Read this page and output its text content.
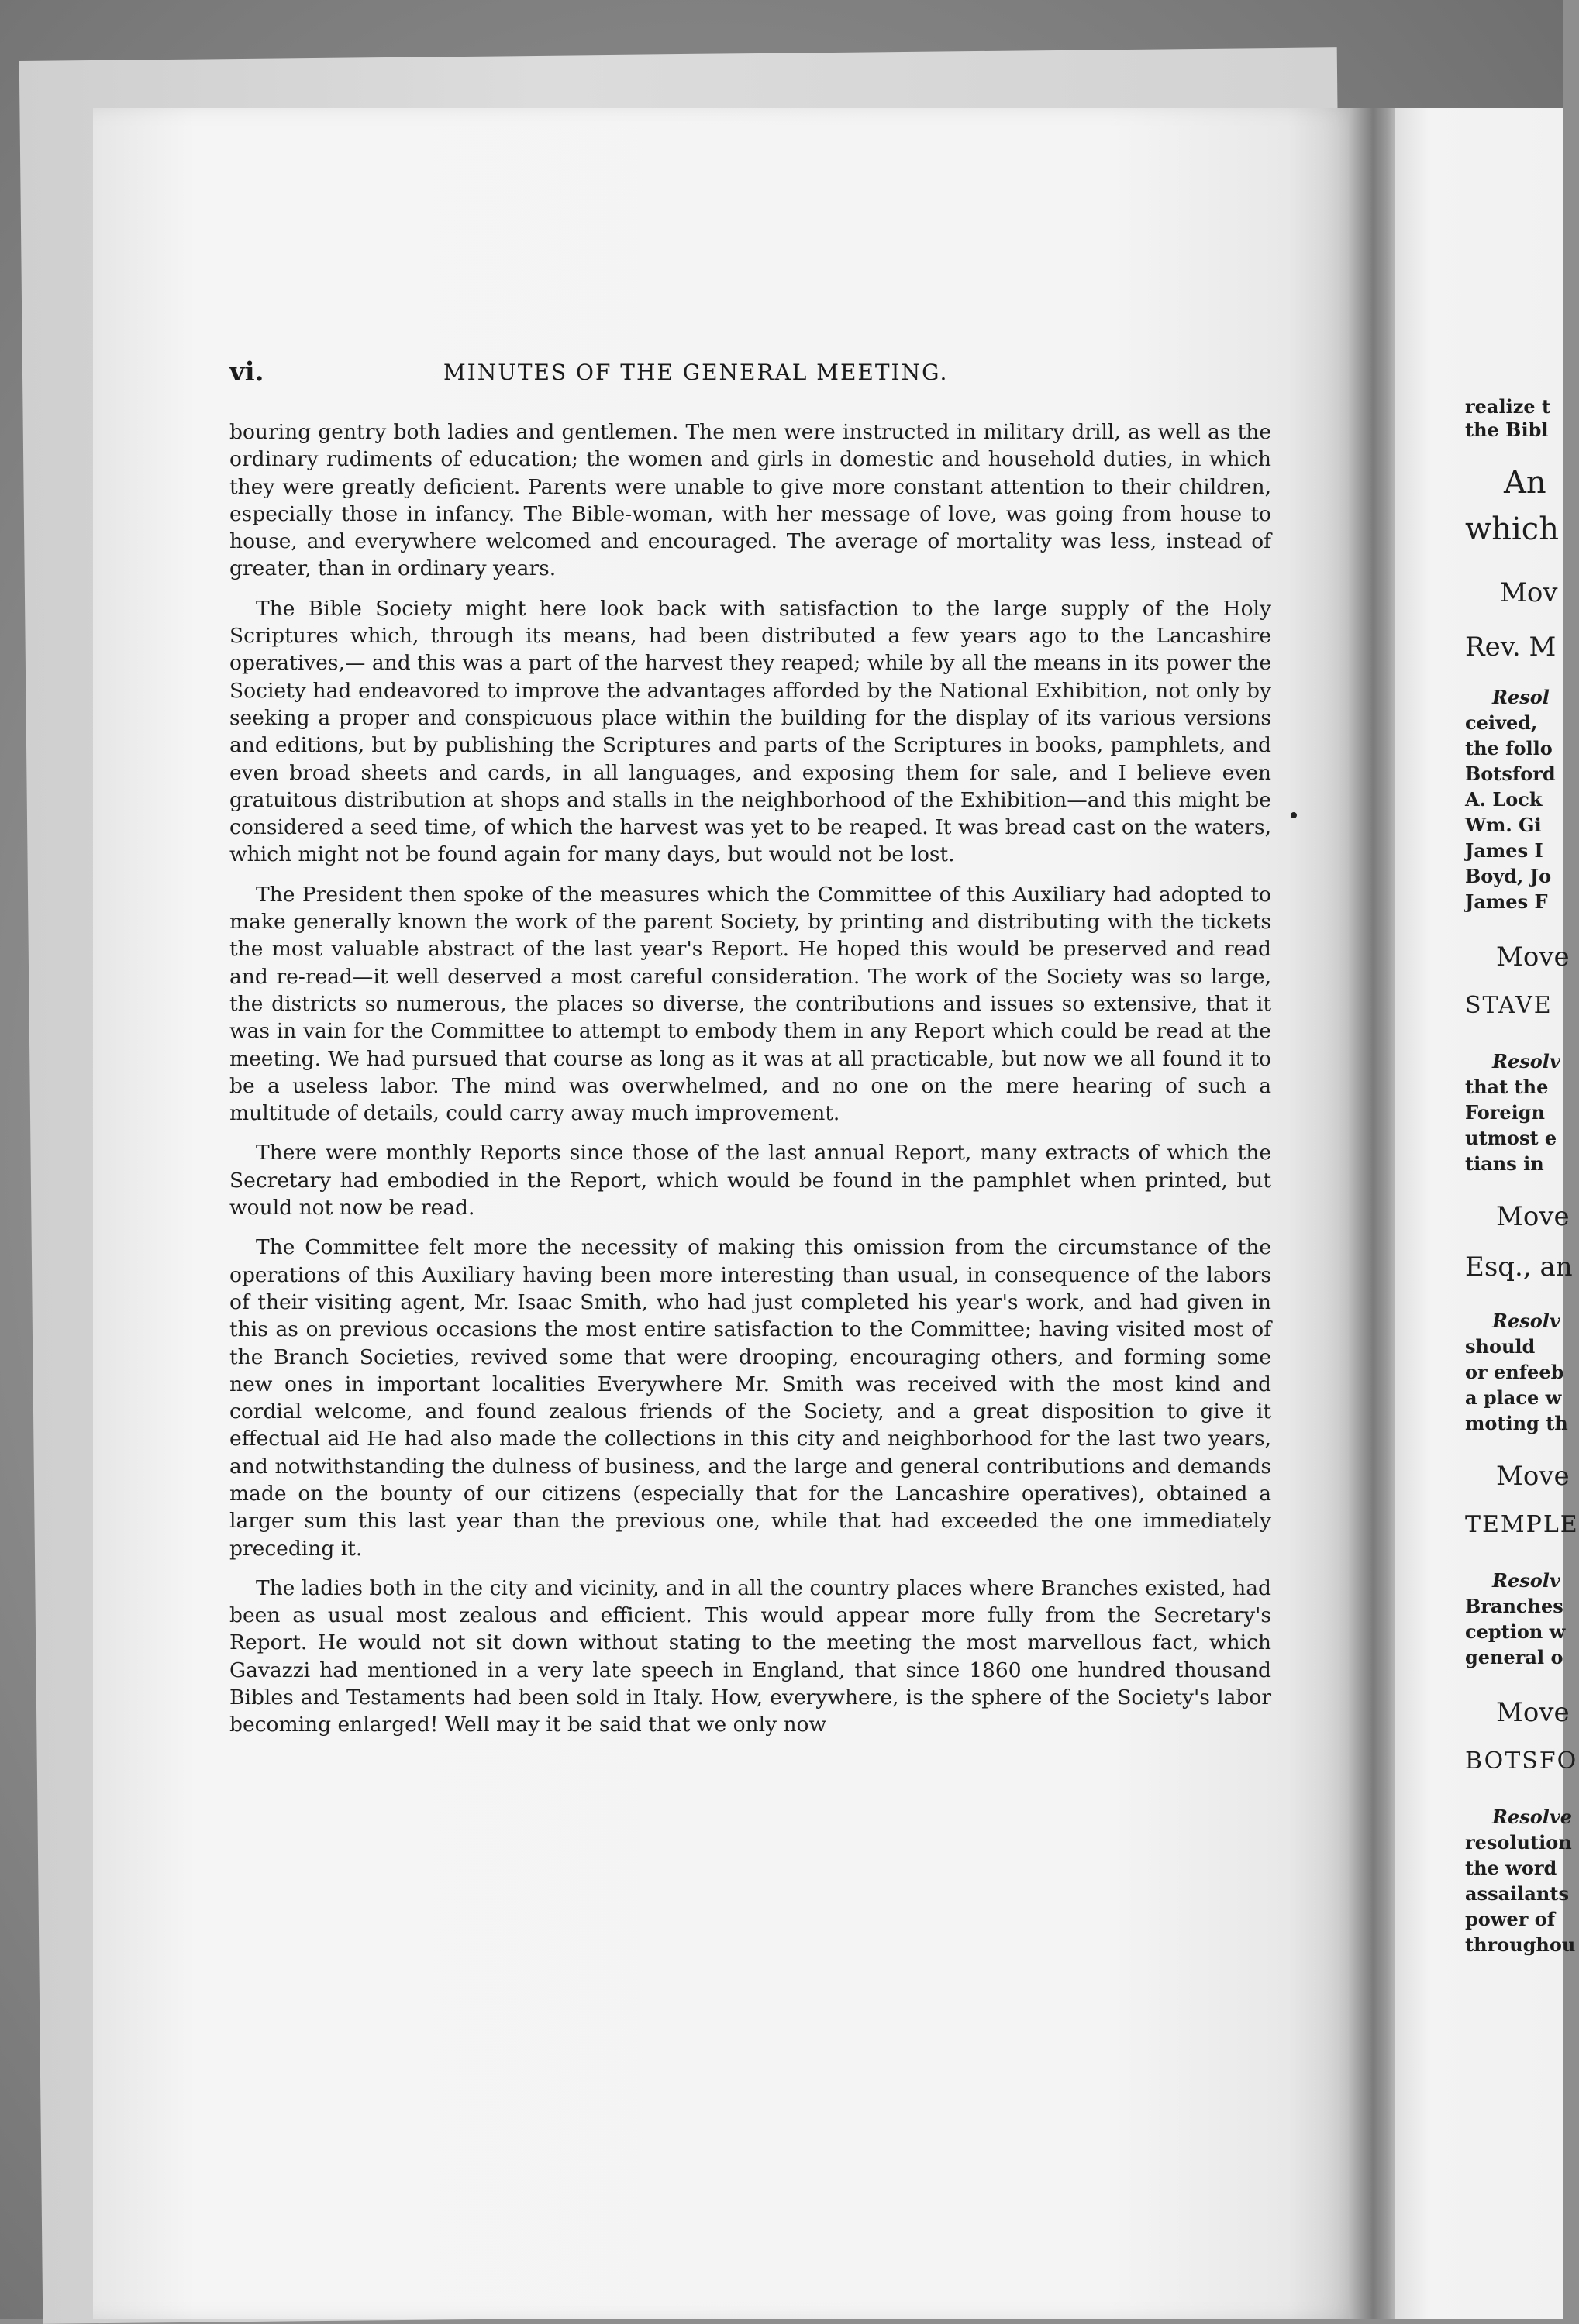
vi.	MINUTES OF THE GENERAL MEETING.

bouring gentry both ladies and gentlemen. The men were instructed in military drill, as well as the ordinary rudiments of education; the women and girls in domestic and household duties, in which they were greatly deficient. Parents were unable to give more constant attention to their children, especially those in infancy. The Bible-woman, with her message of love, was going from house to house, and everywhere welcomed and encouraged. The average of mortality was less, instead of greater, than in ordinary years.

The Bible Society might here look back with satisfaction to the large supply of the Holy Scriptures which, through its means, had been distributed a few years ago to the Lancashire operatives,— and this was a part of the harvest they reaped; while by all the means in its power the Society had endeavored to improve the advantages afforded by the National Exhibition, not only by seeking a proper and conspicuous place within the building for the display of its various versions and editions, but by publishing the Scriptures and parts of the Scriptures in books, pamphlets, and even broad sheets and cards, in all languages, and exposing them for sale, and I believe even gratuitous distribution at shops and stalls in the neighborhood of the Exhibition—and this might be considered a seed time, of which the harvest was yet to be reaped. It was bread cast on the waters, which might not be found again for many days, but would not be lost.

The President then spoke of the measures which the Committee of this Auxiliary had adopted to make generally known the work of the parent Society, by printing and distributing with the tickets the most valuable abstract of the last year's Report. He hoped this would be preserved and read and re-read—it well deserved a most careful consideration. The work of the Society was so large, the districts so numerous, the places so diverse, the contributions and issues so extensive, that it was in vain for the Committee to attempt to embody them in any Report which could be read at the meeting. We had pursued that course as long as it was at all practicable, but now we all found it to be a useless labor. The mind was overwhelmed, and no one on the mere hearing of such a multitude of details, could carry away much improvement.

There were monthly Reports since those of the last annual Report, many extracts of which the Secretary had embodied in the Report, which would be found in the pamphlet when printed, but would not now be read.

The Committee felt more the necessity of making this omission from the circumstance of the operations of this Auxiliary having been more interesting than usual, in consequence of the labors of their visiting agent, Mr. Isaac Smith, who had just completed his year's work, and had given in this as on previous occasions the most entire satisfaction to the Committee; having visited most of the Branch Societies, revived some that were drooping, encouraging others, and forming some new ones in important localities Everywhere Mr. Smith was received with the most kind and cordial welcome, and found zealous friends of the Society, and a great disposition to give it effectual aid He had also made the collections in this city and neighborhood for the last two years, and notwithstanding the dulness of business, and the large and general contributions and demands made on the bounty of our citizens (especially that for the Lancashire operatives), obtained a larger sum this last year than the previous one, while that had exceeded the one immediately preceding it.

The ladies both in the city and vicinity, and in all the country places where Branches existed, had been as usual most zealous and efficient. This would appear more fully from the Secretary's Report. He would not sit down without stating to the meeting the most marvellous fact, which Gavazzi had mentioned in a very late speech in England, that since 1860 one hundred thousand Bibles and Testaments had been sold in Italy. How, everywhere, is the sphere of the Society's labor becoming enlarged! Well may it be said that we only now

realize t
the Bibl
An
which
Mov
Rev. M
Resol
ceived,
the follo
Botsford
A. Lock
Wm. Gi
James I
Boyd, Jo
James F
Move
STAVE
Resolv
that the
Foreign
utmost e
tians in
Move
Esq., an
Resolv
should
or enfeeb
a place w
moting th
Move
TEMPLE
Resolv
Branches
ception w
general o
Move
BOTSFO
Resolve
resolution
the word
assailants
power of
throughou
